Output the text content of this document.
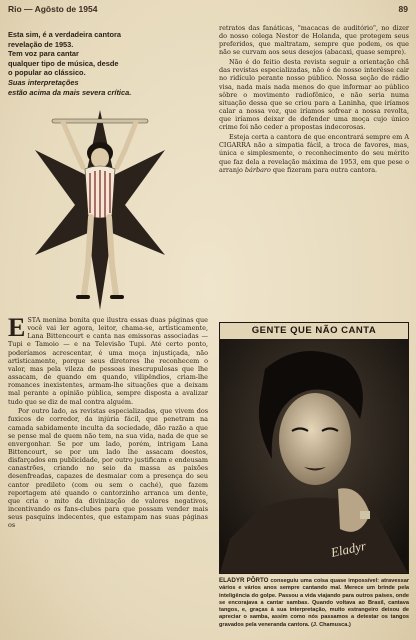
Rio — Agôsto de 1954	89

Esta sim, é a verdadeira cantora

revelação de 1953.

Tem voz para cantar

qualquer tipo de música, desde

o popular ao clássico.

Suas interpretações

estão acima da mais severa crítica.

ESTA menina bonita que ilustra essas duas páginas que você vai ler agora, leitor, chama-se, artìsticamente, Lana Bittencourt e canta nas emissoras associadas — Tupi e Tamoio — e na Televisão Tupi. Até certo ponto, poderíamos acrescentar, é uma moça injustiçada, não artìsticamente, porque seus diretores lhe reconhecem o valor, mas pela vileza de pessoas inescrupulosas que lhe assacam, de quando em quando, vilipêndios, criam-lhe romances inexistentes, armam-lhe situações que a deixam mal perante a opinião pública, sempre disposta a avalizar tudo que se diz de mal contra alguém.

Por outro lado, as revistas especializadas, que vivem dos fuxicos de corredor, da injúria fácil, que penetram na camada sabidamente inculta da sociedade, dão razão a que se pense mal de quem não tem, na sua vida, nada de que se envergonhar. Se por um lado, porém, intrigam Lana Bittencourt, se por um lado lhe assacam doestos, disfarçados em publicidade, por outro justificam e endeusam canastrões, criando no seio da massa as paixões desenfreadas, capazes de desmaiar com a presença do seu cantor predileto (com ou sem o caché), que fazem reportagem até quando o cantorzinho arranca um dente, que cria o mito da divinização de valores negativos, incentivando os fans-clubes para que possam vender mais seus pasquins indecentes, que estampam nas suas páginas os

retratos das fanáticas, "macacas de auditório", no dizer do nosso colega Nestor de Holanda, que protegem seus preferidos, que maltratam, sempre que podem, os que não se curvam aos seus desejos (abacaxi, quase sempre).

Não é do feitio desta revista seguir a orientação chã das revistas especializadas, não é de nosso interêsse cair no ridículo perante nosso público. Nossa seção de rádio visa, nada mais nada menos do que informar ao público sôbre o movimento radiofônico, e não seria numa situação dessa que se criou para a Laninha, que iríamos calar a nossa voz, que iríamos sofrear a nossa revolta, que iríamos deixar de defender uma moça cujo único crime foi não ceder a propostas indecorosas.

Esteja certa a cantora de que encontrará sempre em A CIGARRA não a simpatia fácil, a troca de favores, mas, única e simplesmente, o reconhecimento do seu mérito que faz dela a revelação máxima de 1953, em que pese o arranjo bárbaro que fizeram para outra cantora.

GENTE QUE NÃO CANTA
Eladyr
ELADYR PÔRTO conseguiu uma coisa quase impossível: atravessar vários e vários anos sempre cantando mal. Merece um brinde pela inteligência do golpe. Passou a vida viajando para outros países, onde se encorajava a cantar sambas. Quando voltava ao Brasil, cantava tangos, e, graças à sua interpretação, muito estrangeiro deixou de apreciar o samba, assim como nós passamos a detestar os tangos gravados pela veneranda cantora. (J. Chamusca.)
